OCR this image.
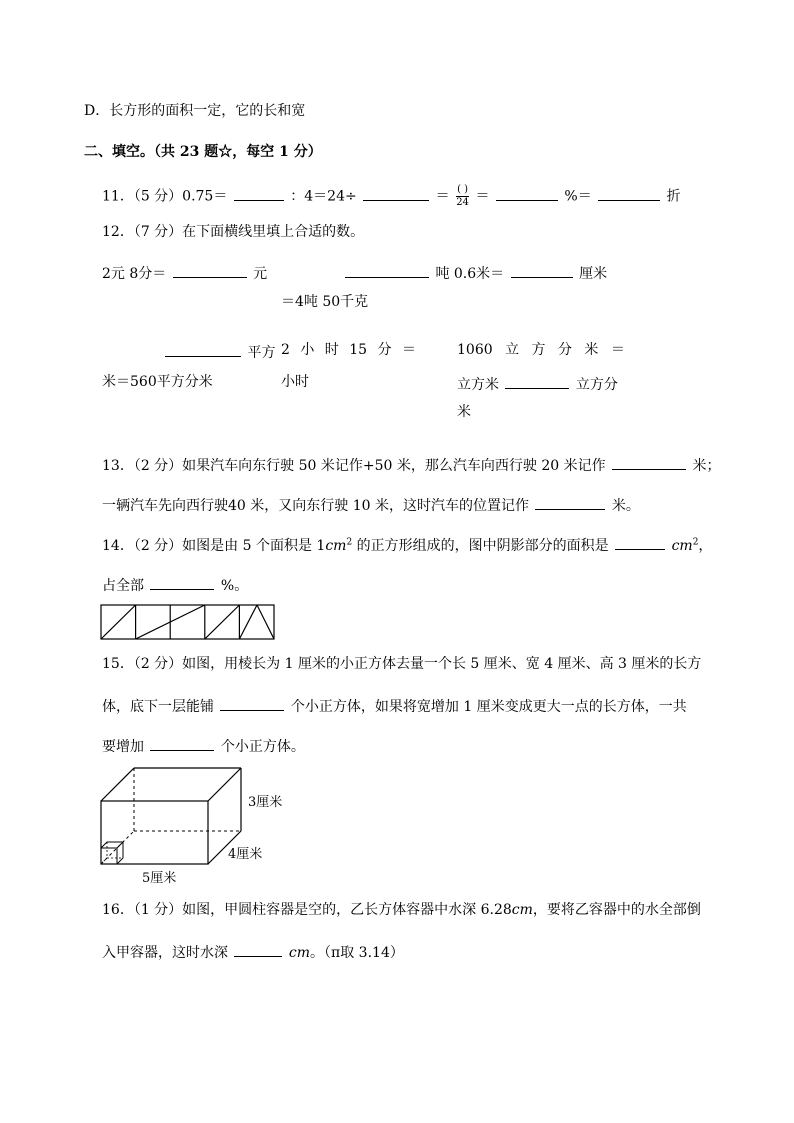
D．长方形的面积一定，它的长和宽
二、填空。（共 23 题☆，每空 1 分）
11．（5 分）0.75＝	：4＝24÷	＝ $\frac{( )}{24}$ ＝	%＝	折
12．（7 分）在下面横线里填上合适的数。
2元 8分＝	元	吨 0.6米＝	厘米
＝4吨 50千克
平方 2 小 时 15 分 ＝	1060 立 方 分 米 ＝
米＝560平方分米	小时	立方米	立方分
米
13．（2 分）如果汽车向东行驶 50 米记作+50 米，那么汽车向西行驶 20 米记作	米；
一辆汽车先向西行驶40 米，又向东行驶 10 米，这时汽车的位置记作	米。
14．（2 分）如图是由 5 个面积是 $1cm^2$ 的正方形组成的，图中阴影部分的面积是	$cm^2$，
占全部	%。
15．（2 分）如图，用棱长为 1 厘米的小正方体去量一个长 5 厘米、宽 4 厘米、高 3 厘米的长方
体，底下一层能铺	个小正方体，如果将宽增加 1 厘米变成更大一点的长方体，一共
要增加	个小正方体。
3厘米
4厘米
5厘米
16．（1 分）如图，甲圆柱容器是空的，乙长方体容器中水深 6.28cm，要将乙容器中的水全部倒
入甲容器，这时水深	cm。（π取 3.14）
